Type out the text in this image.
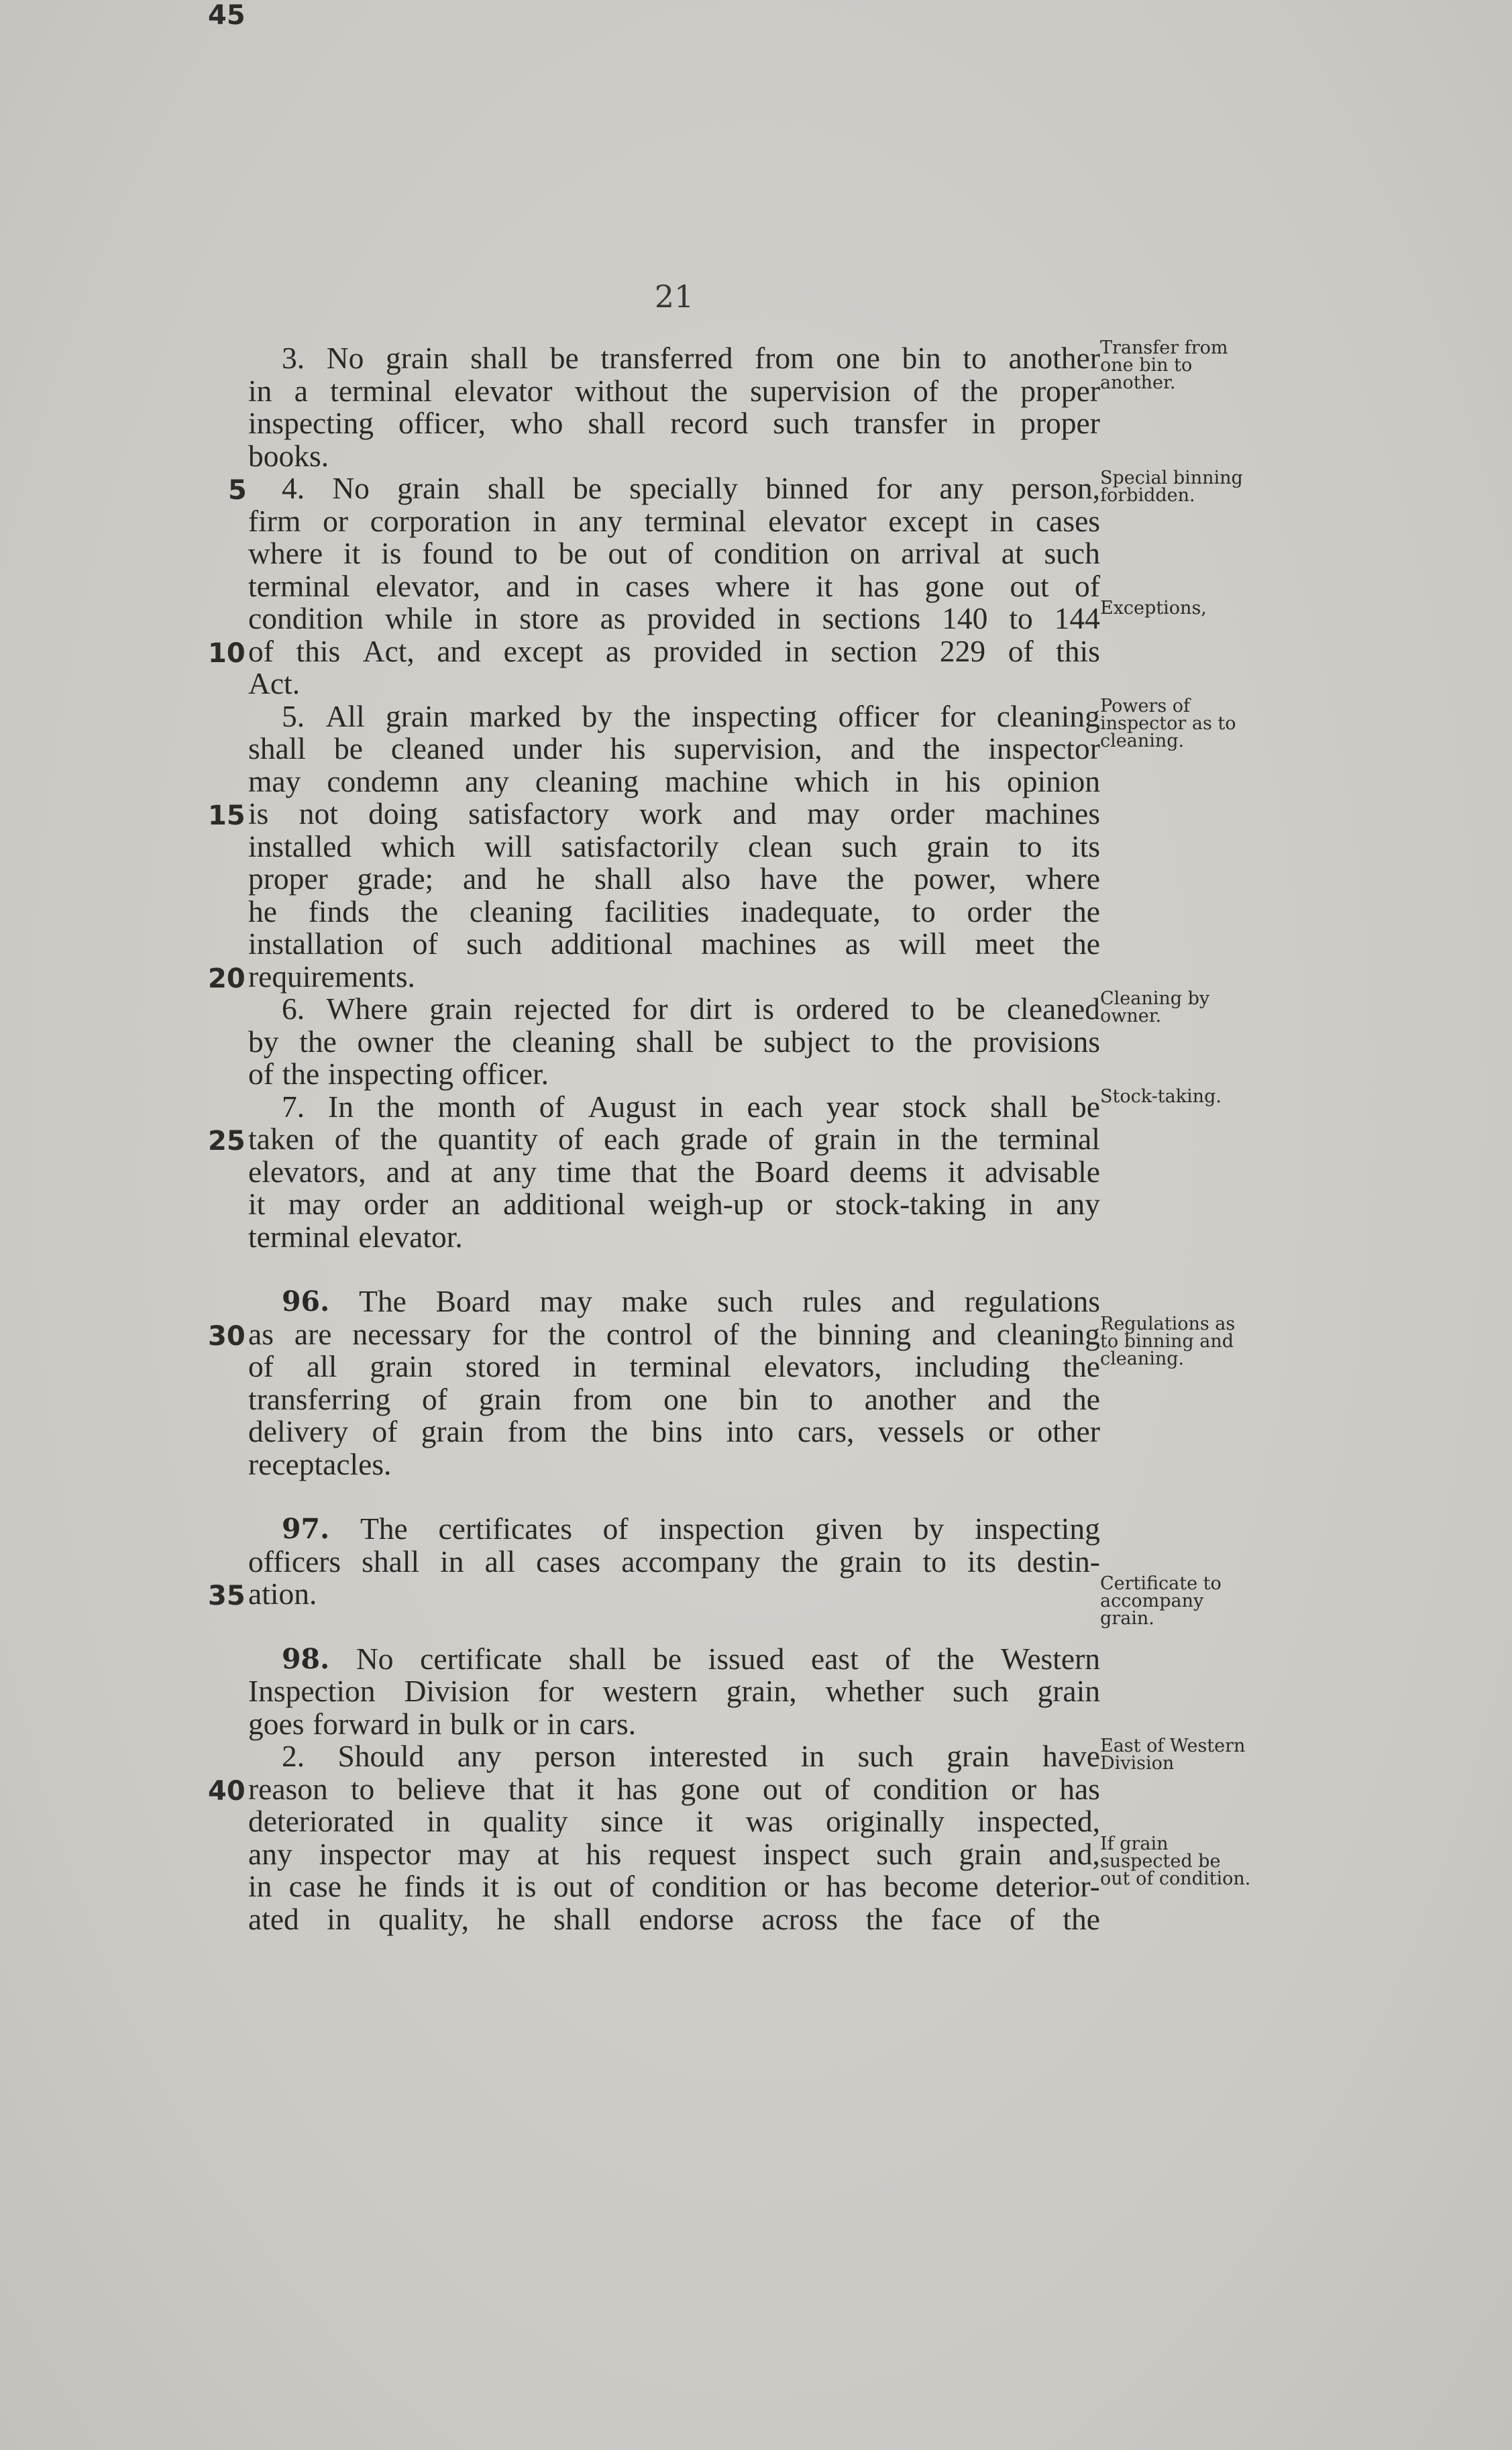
21
3. No grain shall be transferred from one bin to another
in a terminal elevator without the supervision of the proper
inspecting officer, who shall record such transfer in proper
books.
4. No grain shall be specially binned for any person,
firm or corporation in any terminal elevator except in cases
where it is found to be out of condition on arrival at such
terminal elevator, and in cases where it has gone out of
condition while in store as provided in sections 140 to 144
of this Act, and except as provided in section 229 of this
Act.
5. All grain marked by the inspecting officer for cleaning
shall be cleaned under his supervision, and the inspector
may condemn any cleaning machine which in his opinion
is not doing satisfactory work and may order machines
installed which will satisfactorily clean such grain to its
proper grade; and he shall also have the power, where
he finds the cleaning facilities inadequate, to order the
installation of such additional machines as will meet the
requirements.
6. Where grain rejected for dirt is ordered to be cleaned
by the owner the cleaning shall be subject to the provisions
of the inspecting officer.
7. In the month of August in each year stock shall be
taken of the quantity of each grade of grain in the terminal
elevators, and at any time that the Board deems it advisable
it may order an additional weigh-up or stock-taking in any
terminal elevator.
96. The Board may make such rules and regulations
as are necessary for the control of the binning and cleaning
of all grain stored in terminal elevators, including the
transferring of grain from one bin to another and the
delivery of grain from the bins into cars, vessels or other
receptacles.
97. The certificates of inspection given by inspecting
officers shall in all cases accompany the grain to its destin-
ation.
98. No certificate shall be issued east of the Western
Inspection Division for western grain, whether such grain
goes forward in bulk or in cars.
2. Should any person interested in such grain have
reason to believe that it has gone out of condition or has
deteriorated in quality since it was originally inspected,
any inspector may at his request inspect such grain and,
in case he finds it is out of condition or has become deterior-
ated in quality, he shall endorse across the face of the
5
10
15
20
25
30
35
40
45
Transfer from one bin to another.
Special binning forbidden.
Exceptions,
Powers of inspector as to cleaning.
Cleaning by owner.
Stock-taking.
Regulations as to binning and cleaning.
Certificate to accompany grain.
East of Western Division
If grain suspected be out of condition.
